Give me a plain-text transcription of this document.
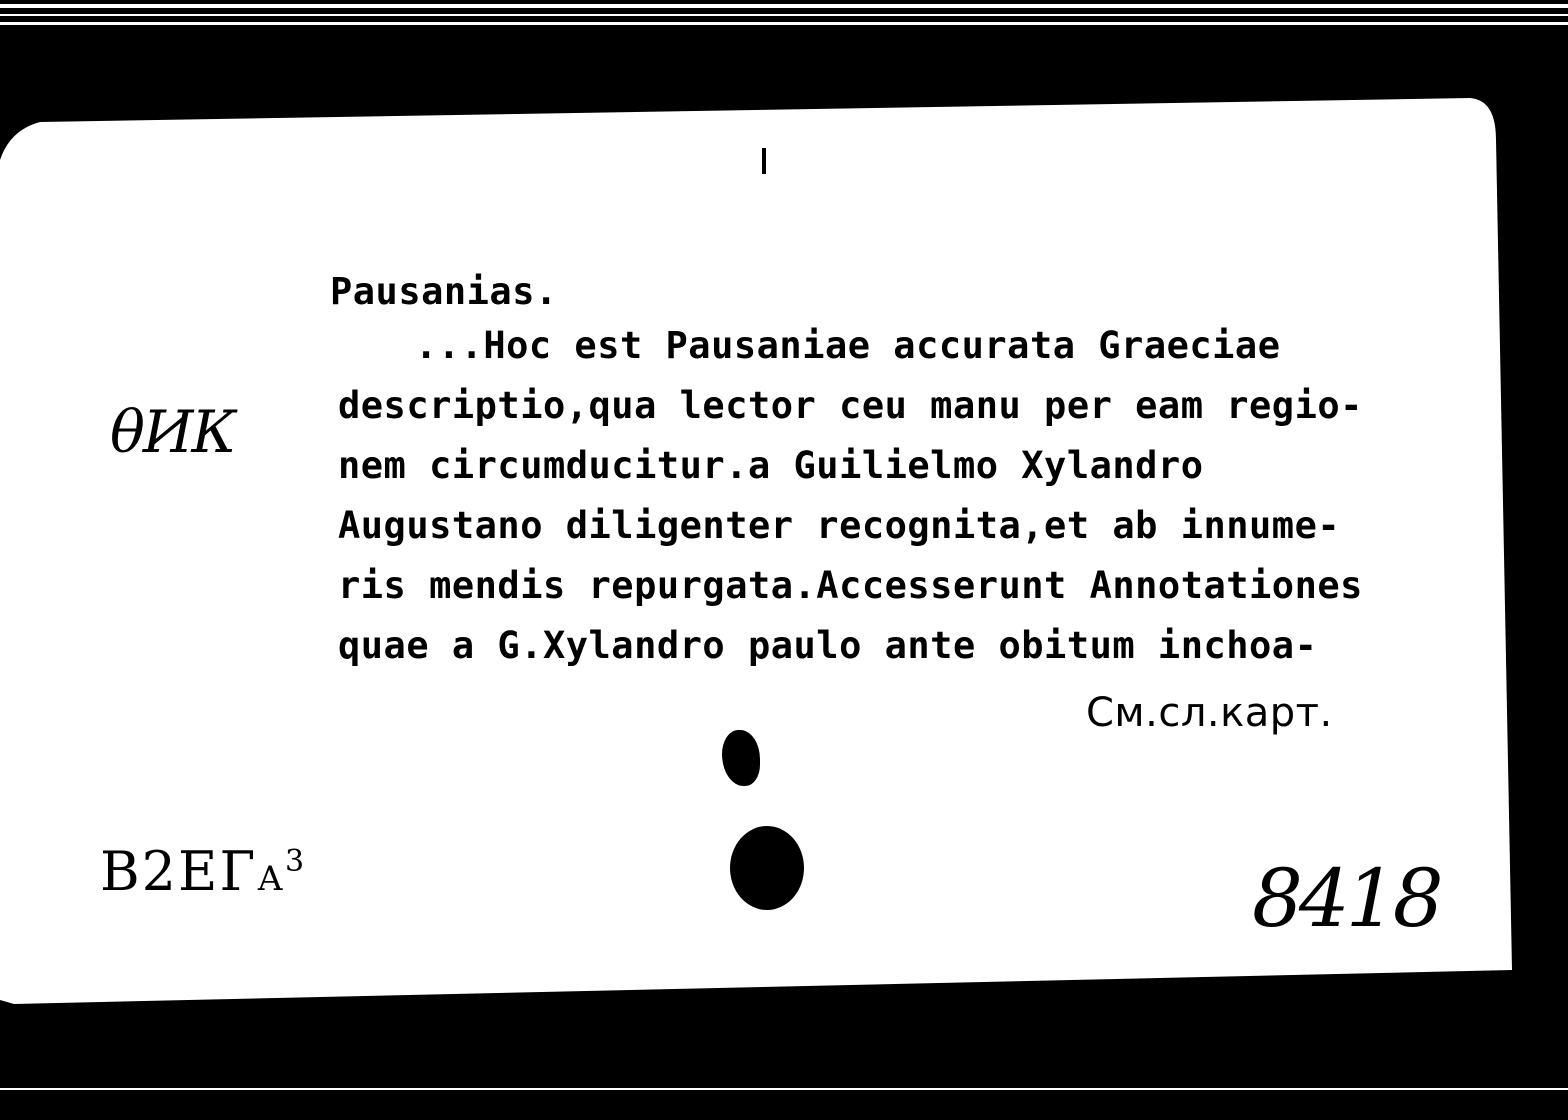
Pausanias.
...Hoc est Pausaniae accurata Graeciae
descriptio,qua lector ceu manu per eam regio-
nem circumducitur.a Guilielmo Xylandro
Augustano diligenter recognita,et ab innume-
ris mendis repurgata.Accesserunt Annotationes
quae a G.Xylandro paulo ante obitum inchoa-
См.сл.карт.
θИК
В2ЕГА$^3$	8418
